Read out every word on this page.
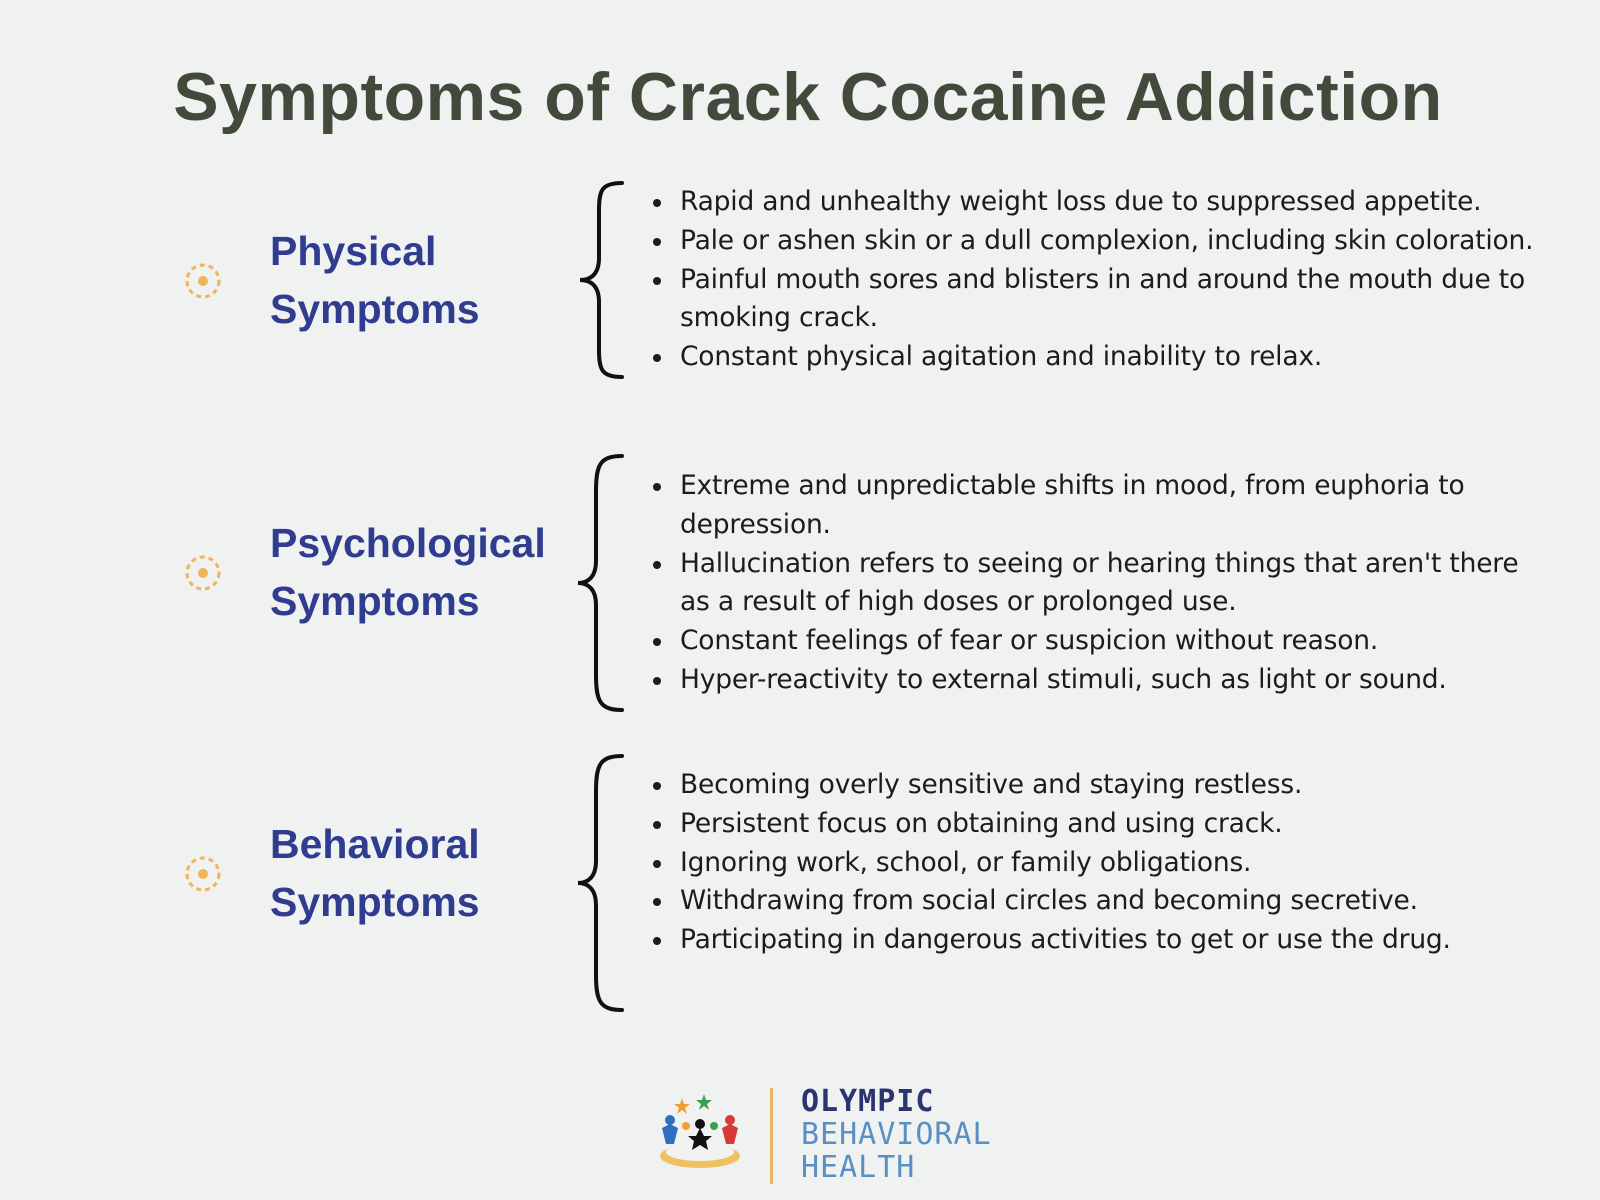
Symptoms of Crack Cocaine Addiction
Physical
Symptoms
Rapid and unhealthy weight loss due to suppressed appetite.
Pale or ashen skin or a dull complexion, including skin coloration.
Painful mouth sores and blisters in and around the mouth due to
smoking crack.
Constant physical agitation and inability to relax.
Psychological
Symptoms
Extreme and unpredictable shifts in mood, from euphoria to
depression.
Hallucination refers to seeing or hearing things that aren't there
as a result of high doses or prolonged use.
Constant feelings of fear or suspicion without reason.
Hyper-reactivity to external stimuli, such as light or sound.
Behavioral
Symptoms
Becoming overly sensitive and staying restless.
Persistent focus on obtaining and using crack.
Ignoring work, school, or family obligations.
Withdrawing from social circles and becoming secretive.
Participating in dangerous activities to get or use the drug.
OLYMPIC
BEHAVIORAL
HEALTH
